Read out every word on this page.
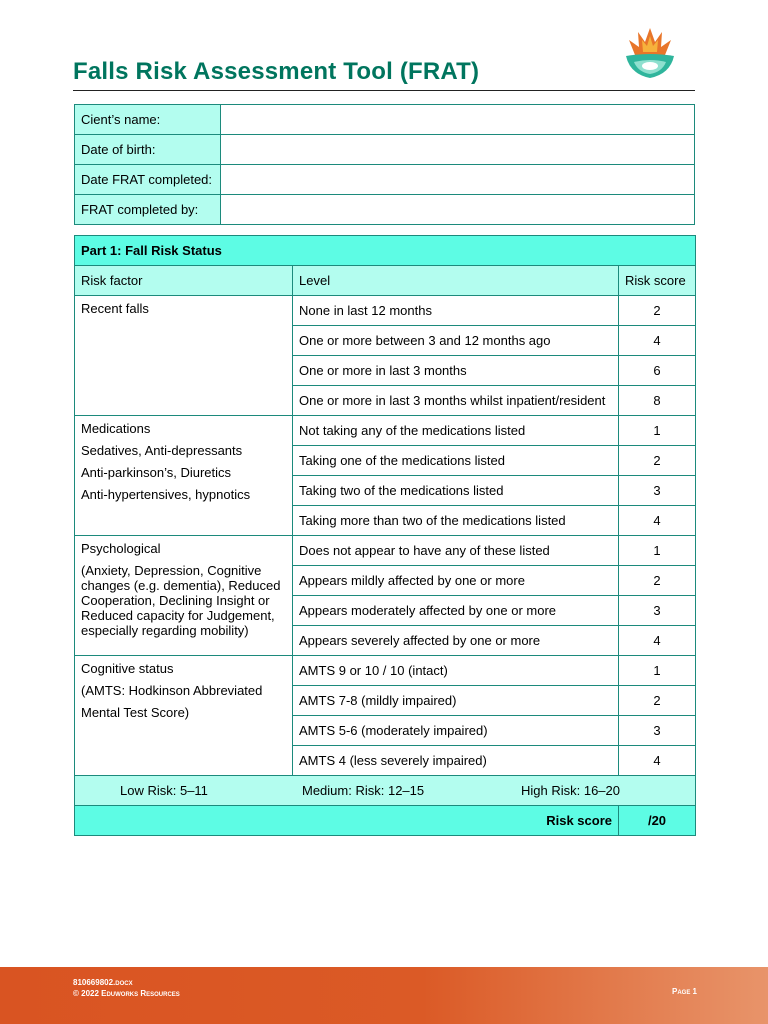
Falls Risk Assessment Tool (FRAT)
Cient’s name:	
Date of birth:	
Date FRAT completed:	
FRAT completed by:	
Part 1: Fall Risk Status		
Risk factor	Level	Risk score

Recent falls	None in last 12 months	2
	One or more between 3 and 12 months ago	4
	One or more in last 3 months	6
	One or more in last 3 months whilst inpatient/resident	8

Medications
Sedatives, Anti-depressants
Anti-parkinson’s, Diuretics
Anti-hypertensives, hypnotics	Not taking any of the medications listed	1
	Taking one of the medications listed	2
	Taking two of the medications listed	3
	Taking more than two of the medications listed	4

Psychological
(Anxiety, Depression, Cognitive changes (e.g. dementia), Reduced Cooperation, Declining Insight or Reduced capacity for Judgement, especially regarding mobility)	Does not appear to have any of these listed	1
	Appears mildly affected by one or more	2
	Appears moderately affected by one or more	3
	Appears severely affected by one or more	4

Cognitive status
(AMTS: Hodkinson Abbreviated
Mental Test Score)	AMTS 9 or 10 / 10 (intact)	1
	AMTS 7-8 (mildly impaired)	2
	AMTS 5-6 (moderately impaired)	3
	AMTS 4 (less severely impaired)	4

Low Risk: 5–11 Medium: Risk: 12–15 High Risk: 16–20		

Risk score		/20
810669802.docx
© 2022 Eduworks Resources	Page 1
